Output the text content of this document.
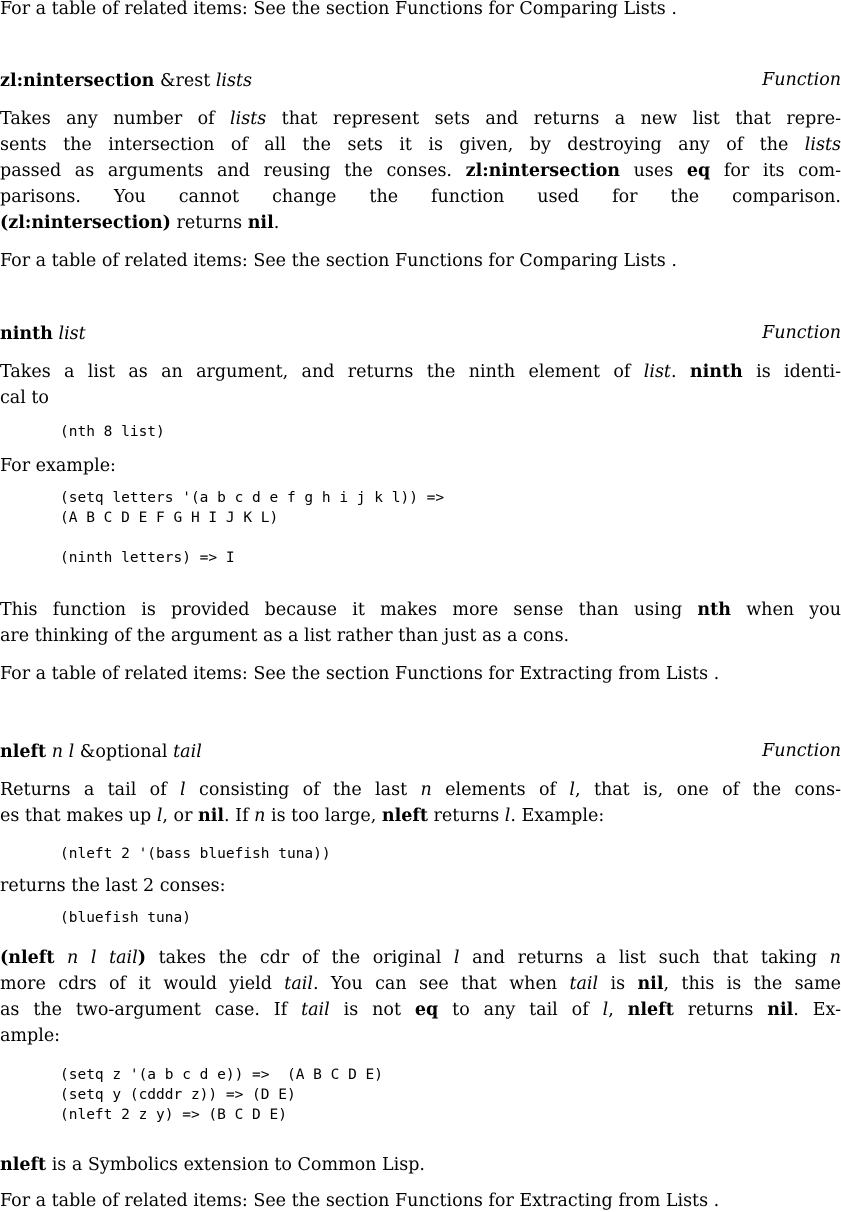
For a table of related items: See the section Functions for Comparing Lists .
zl:nintersection &rest lists	Function
Takes any number of lists that represent sets and returns a new list that repre-
sents the intersection of all the sets it is given, by destroying any of the lists
passed as arguments and reusing the conses. zl:nintersection uses eq for its com-
parisons. You cannot change the function used for the comparison.
(zl:nintersection) returns nil.
For a table of related items: See the section Functions for Comparing Lists .
ninth list	Function
Takes a list as an argument, and returns the ninth element of list. ninth is identi-
cal to
(nth 8 list)
For example:
(setq letters '(a b c d e f g h i j k l)) =>
(A B C D E F G H I J K L)

(ninth letters) => I
This function is provided because it makes more sense than using nth when you
are thinking of the argument as a list rather than just as a cons.
For a table of related items: See the section Functions for Extracting from Lists .
nleft n l &optional tail	Function
Returns a tail of l consisting of the last n elements of l, that is, one of the cons-
es that makes up l, or nil. If n is too large, nleft returns l. Example:
(nleft 2 '(bass bluefish tuna))
returns the last 2 conses:
(bluefish tuna)
(nleft n l tail) takes the cdr of the original l and returns a list such that taking n
more cdrs of it would yield tail. You can see that when tail is nil, this is the same
as the two-argument case. If tail is not eq to any tail of l, nleft returns nil. Ex-
ample:
(setq z '(a b c d e)) =>  (A B C D E)
(setq y (cdddr z)) => (D E)
(nleft 2 z y) => (B C D E)
nleft is a Symbolics extension to Common Lisp.
For a table of related items: See the section Functions for Extracting from Lists .
